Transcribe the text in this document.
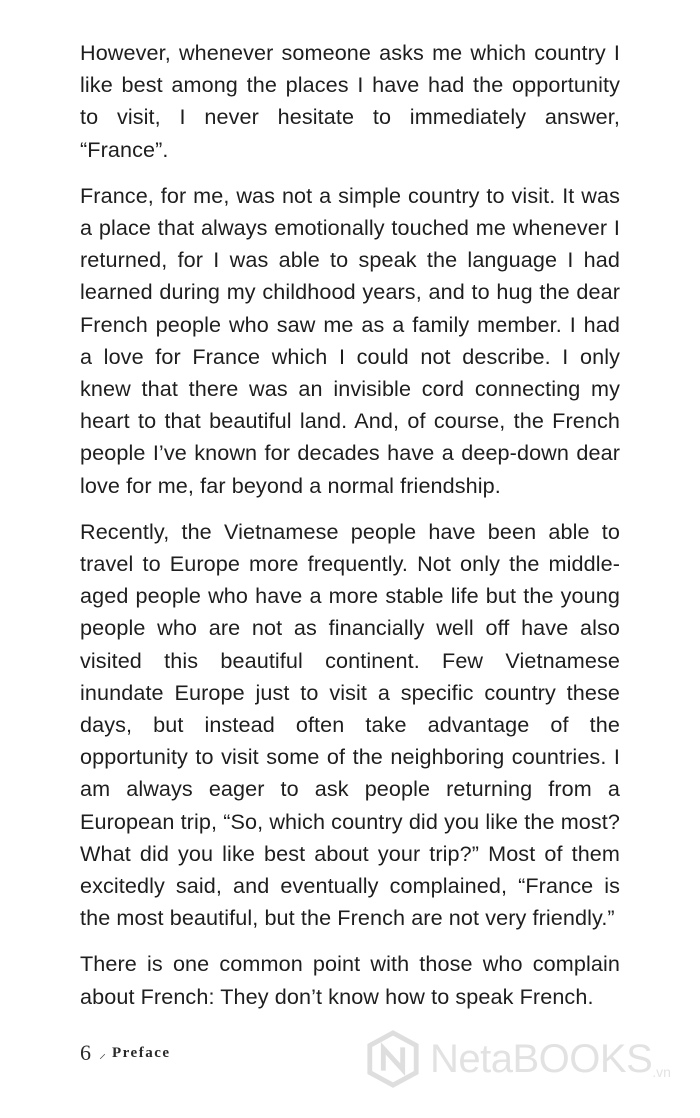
However, whenever someone asks me which country I like best among the places I have had the opportunity to visit, I never hesitate to immediately answer, “France”.

France, for me, was not a simple country to visit. It was a place that always emotionally touched me whenever I returned, for I was able to speak the language I had learned during my childhood years, and to hug the dear French people who saw me as a family member. I had a love for France which I could not describe. I only knew that there was an invisible cord connecting my heart to that beautiful land. And, of course, the French people I’ve known for decades have a deep-down dear love for me, far beyond a normal friendship.

Recently, the Vietnamese people have been able to travel to Europe more frequently. Not only the middle-aged people who have a more stable life but the young people who are not as financially well off have also visited this beautiful continent. Few Vietnamese inundate Europe just to visit a specific country these days, but instead often take advantage of the opportunity to visit some of the neighboring countries. I am always eager to ask people returning from a European trip, “So, which country did you like the most? What did you like best about your trip?” Most of them excitedly said, and eventually complained, “France is the most beautiful, but the French are not very friendly.”

There is one common point with those who complain about French: They don’t know how to speak French.

6 ⸝ Preface	NetaBOOKS .vn
